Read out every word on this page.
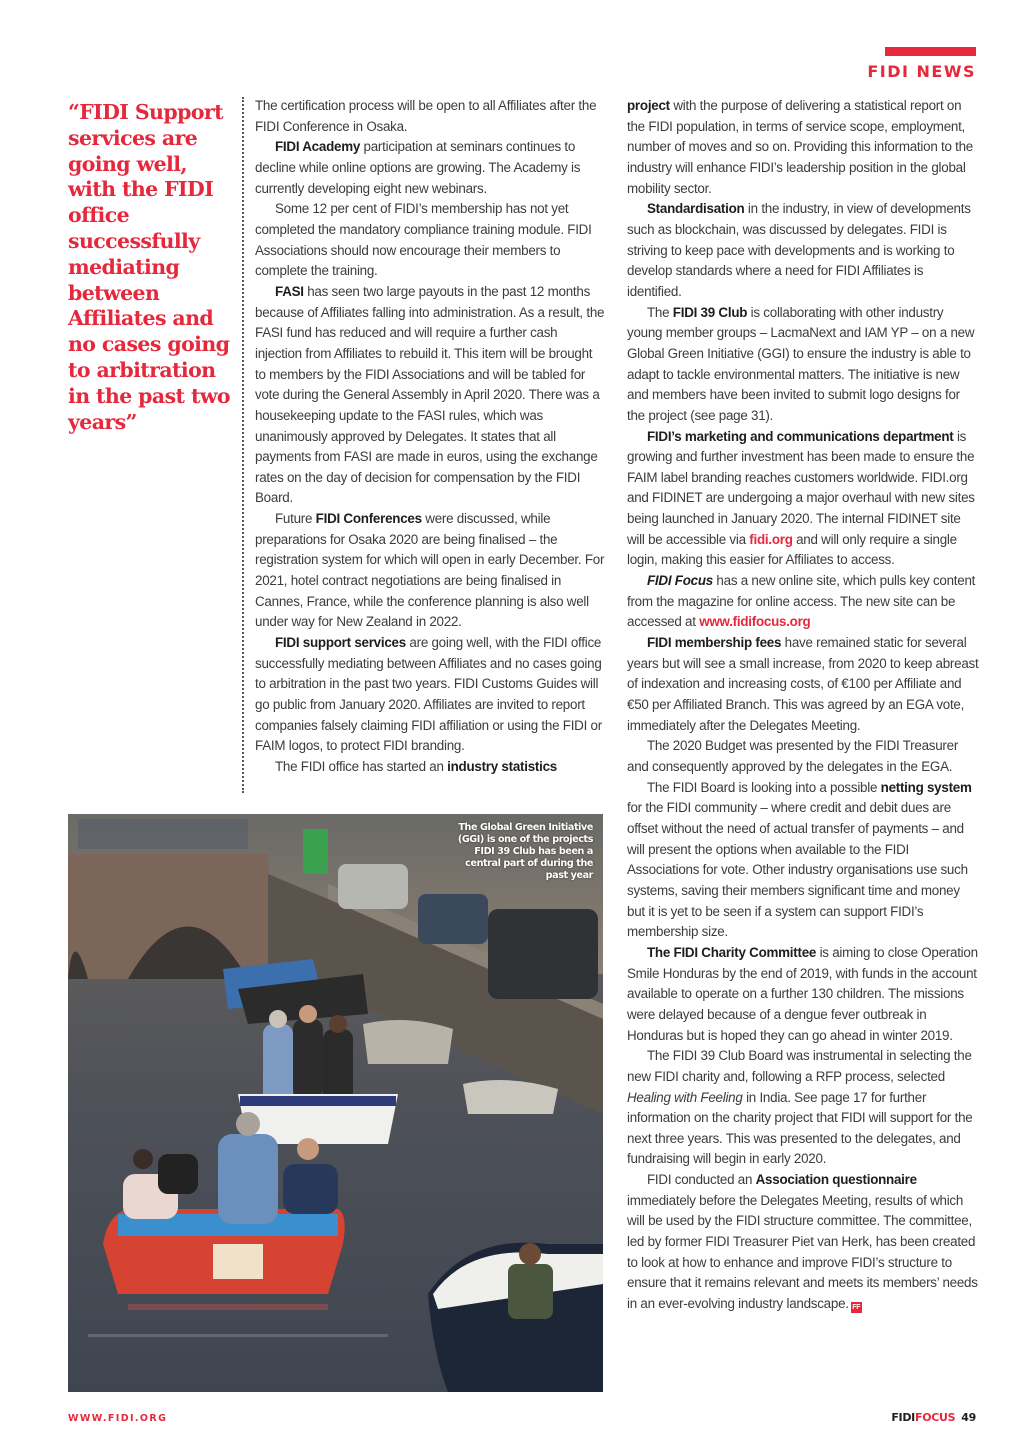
FIDI NEWS
“FIDI Support services are going well, with the FIDI office successfully mediating between Affiliates and no cases going to arbitration in the past two years”

The certification process will be open to all Affiliates after the FIDI Conference in Osaka.

FIDI Academy participation at seminars continues to decline while online options are growing. The Academy is currently developing eight new webinars.

Some 12 per cent of FIDI’s membership has not yet completed the mandatory compliance training module. FIDI Associations should now encourage their members to complete the training.

FASI has seen two large payouts in the past 12 months because of Affiliates falling into administration. As a result, the FASI fund has reduced and will require a further cash injection from Affiliates to rebuild it. This item will be brought to members by the FIDI Associations and will be tabled for vote during the General Assembly in April 2020. There was a housekeeping update to the FASI rules, which was unanimously approved by Delegates. It states that all payments from FASI are made in euros, using the exchange rates on the day of decision for compensation by the FIDI Board.

Future FIDI Conferences were discussed, while preparations for Osaka 2020 are being finalised – the registration system for which will open in early December. For 2021, hotel contract negotiations are being finalised in Cannes, France, while the conference planning is also well under way for New Zealand in 2022.

FIDI support services are going well, with the FIDI office successfully mediating between Affiliates and no cases going to arbitration in the past two years. FIDI Customs Guides will go public from January 2020. Affiliates are invited to report companies falsely claiming FIDI affiliation or using the FIDI or FAIM logos, to protect FIDI branding.

The FIDI office has started an industry statistics

project with the purpose of delivering a statistical report on the FIDI population, in terms of service scope, employment, number of moves and so on. Providing this information to the industry will enhance FIDI’s leadership position in the global mobility sector.

Standardisation in the industry, in view of developments such as blockchain, was discussed by delegates. FIDI is striving to keep pace with developments and is working to develop standards where a need for FIDI Affiliates is identified.

The FIDI 39 Club is collaborating with other industry young member groups – LacmaNext and IAM YP – on a new Global Green Initiative (GGI) to ensure the industry is able to adapt to tackle environmental matters. The initiative is new and members have been invited to submit logo designs for the project (see page 31).

FIDI’s marketing and communications department is growing and further investment has been made to ensure the FAIM label branding reaches customers worldwide. FIDI.org and FIDINET are undergoing a major overhaul with new sites being launched in January 2020. The internal FIDINET site will be accessible via fidi.org and will only require a single login, making this easier for Affiliates to access.

FIDI Focus has a new online site, which pulls key content from the magazine for online access. The new site can be accessed at www.fidifocus.org

FIDI membership fees have remained static for several years but will see a small increase, from 2020 to keep abreast of indexation and increasing costs, of €100 per Affiliate and €50 per Affiliated Branch. This was agreed by an EGA vote, immediately after the Delegates Meeting.

The 2020 Budget was presented by the FIDI Treasurer and consequently approved by the delegates in the EGA.

The FIDI Board is looking into a possible netting system for the FIDI community – where credit and debit dues are offset without the need of actual transfer of payments – and will present the options when available to the FIDI Associations for vote. Other industry organisations use such systems, saving their members significant time and money but it is yet to be seen if a system can support FIDI’s membership size.

The FIDI Charity Committee is aiming to close Operation Smile Honduras by the end of 2019, with funds in the account available to operate on a further 130 children. The missions were delayed because of a dengue fever outbreak in Honduras but is hoped they can go ahead in winter 2019.

The FIDI 39 Club Board was instrumental in selecting the new FIDI charity and, following a RFP process, selected Healing with Feeling in India. See page 17 for further information on the charity project that FIDI will support for the next three years. This was presented to the delegates, and fundraising will begin in early 2020.

FIDI conducted an Association questionnaire immediately before the Delegates Meeting, results of which will be used by the FIDI structure committee. The committee, led by former FIDI Treasurer Piet van Herk, has been created to look at how to enhance and improve FIDI’s structure to ensure that it remains relevant and meets its members’ needs in an ever-evolving industry landscape. FF

The Global Green Initiative (GGI) is one of the projects FIDI 39 Club has been a central part of during the past year
WWW.FIDI.ORG	FIDIFOCUS 49
